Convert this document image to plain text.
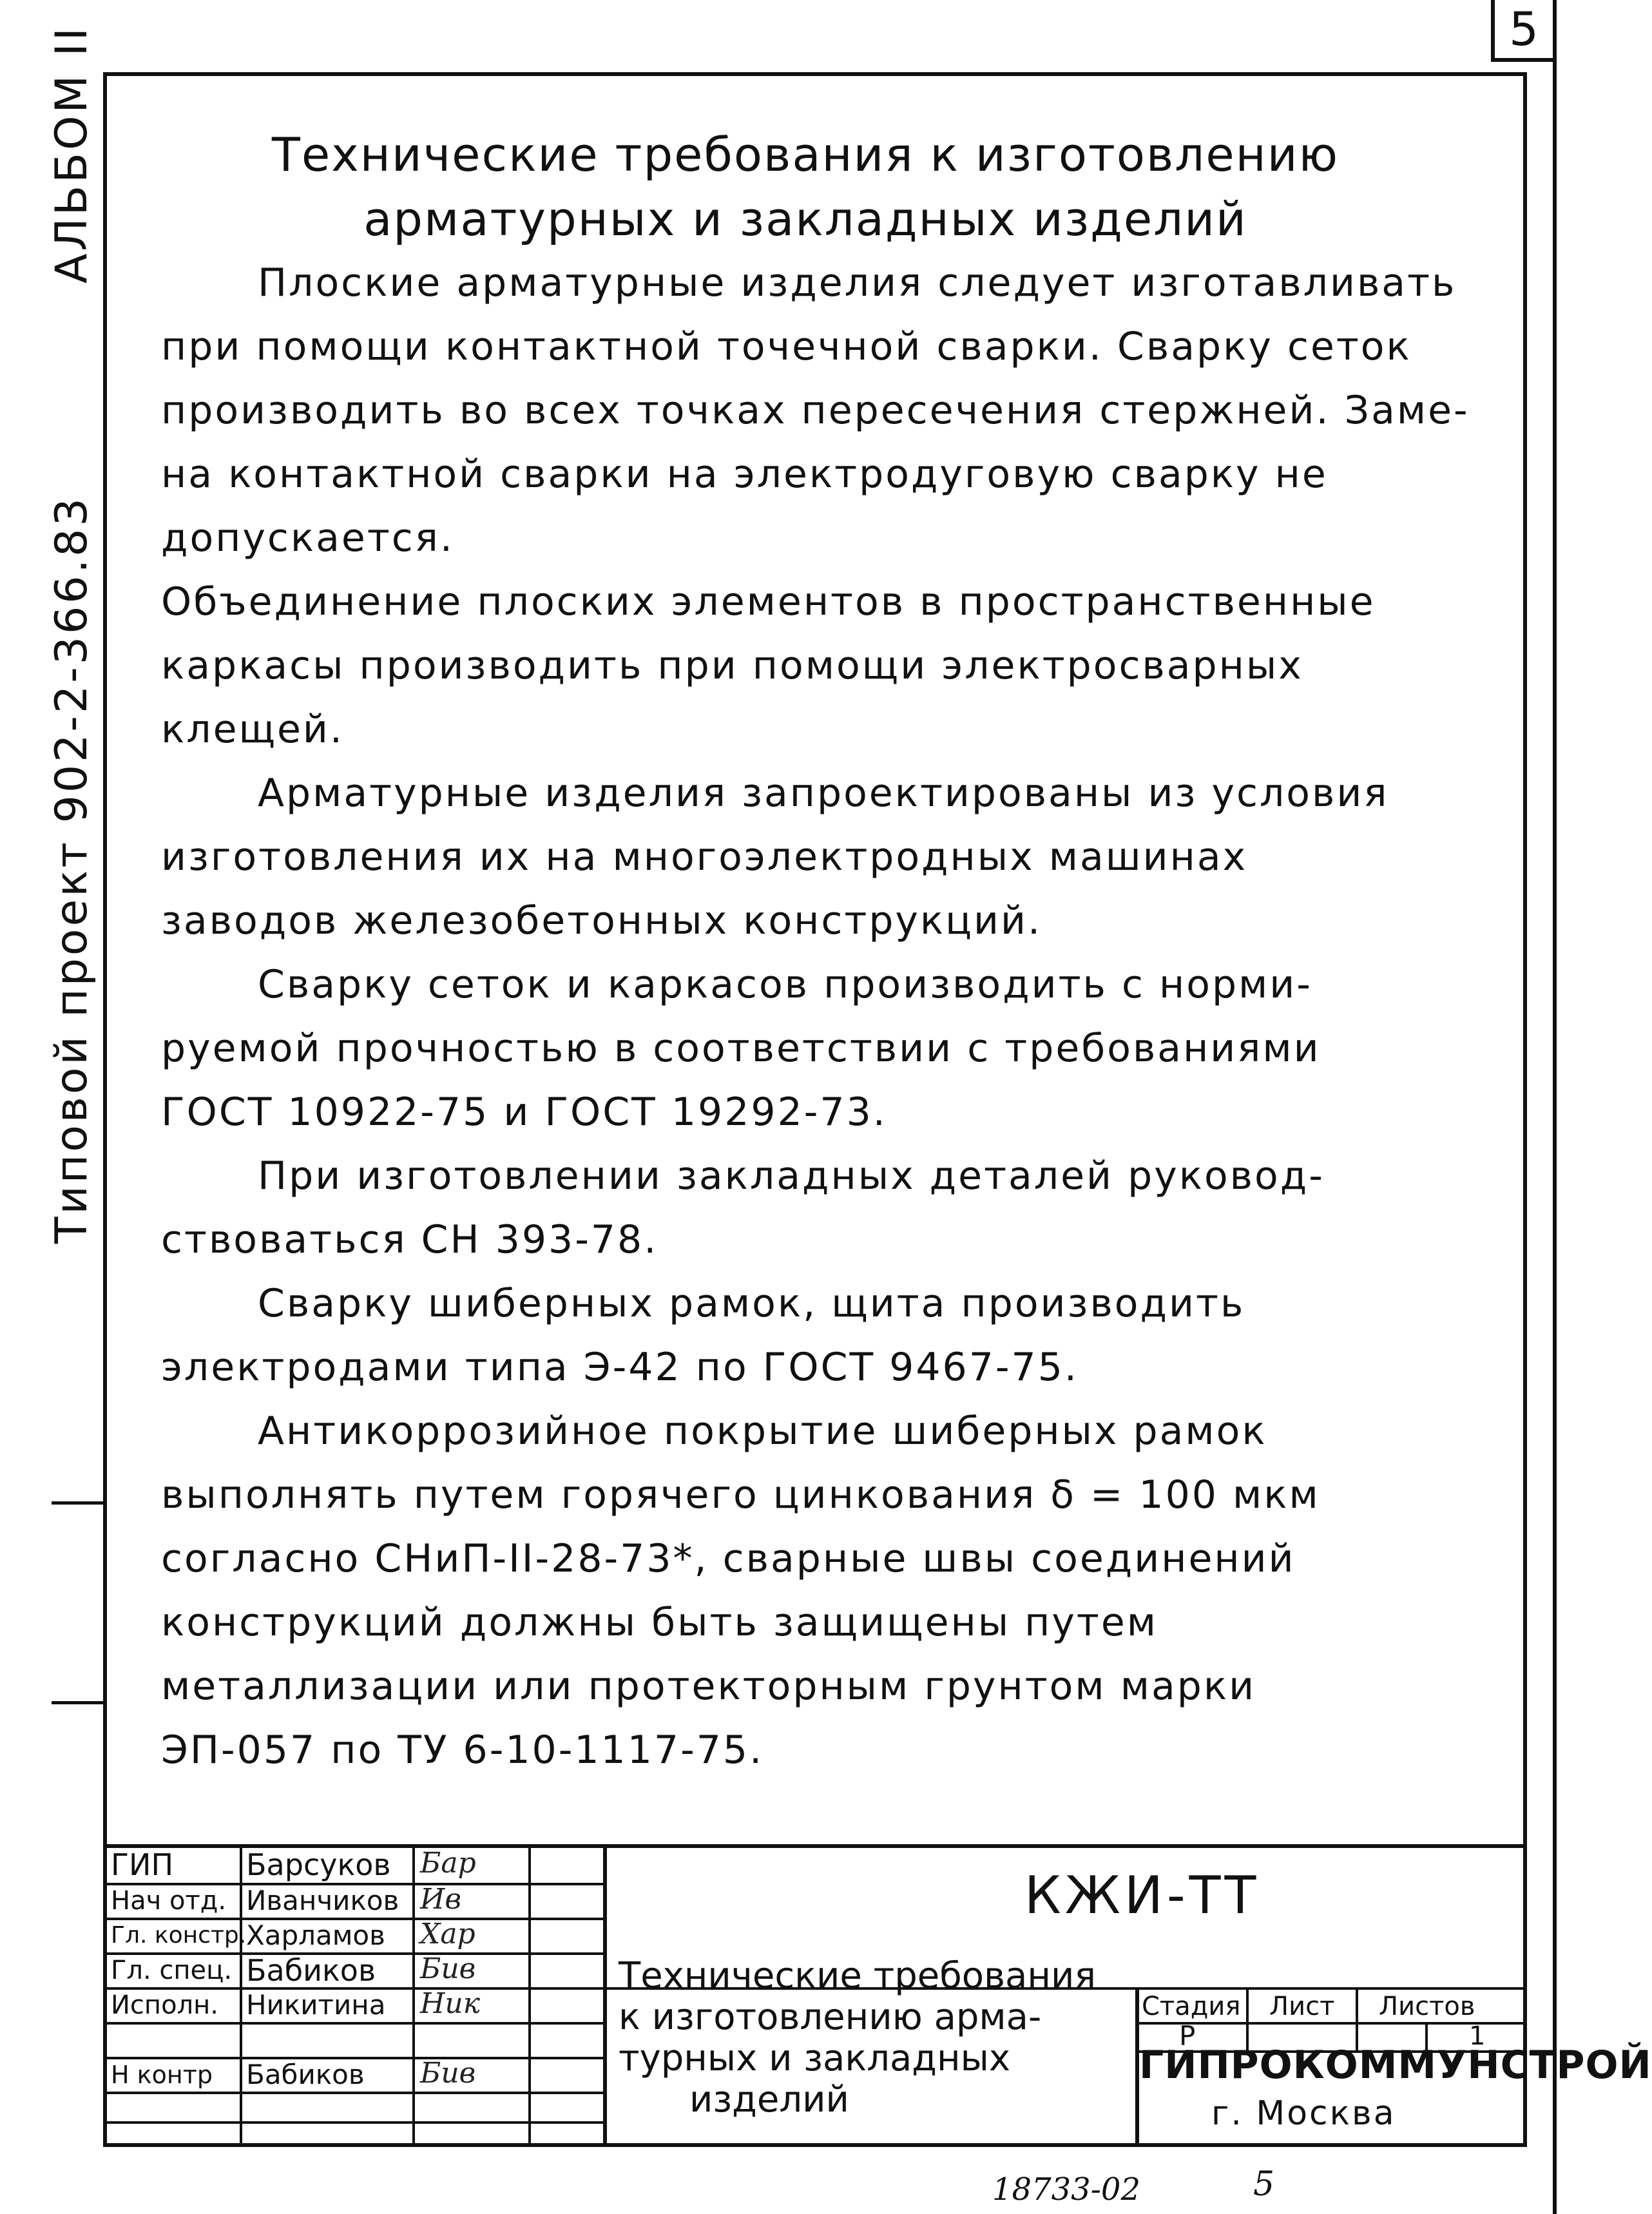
5
АЛЬБОМ II
Типовой проект 902-2-366.83
Технические требования к изготовлению
арматурных и закладных изделий

Плоские арматурные изделия следует изготавливать

при помощи контактной точечной сварки. Сварку сеток

производить во всех точках пересечения стержней. Заме-

на контактной сварки на электродуговую сварку не

допускается.

Объединение плоских элементов в пространственные

каркасы производить при помощи электросварных

клещей.

Арматурные изделия запроектированы из условия

изготовления их на многоэлектродных машинах

заводов железобетонных конструкций.

Сварку сеток и каркасов производить с норми-

руемой прочностью в соответствии с требованиями

ГОСТ 10922-75 и ГОСТ 19292-73.

При изготовлении закладных деталей руковод-

ствоваться СН 393-78.

Сварку шиберных рамок, щита производить

электродами типа Э-42 по ГОСТ 9467-75.

Антикоррозийное покрытие шиберных рамок

выполнять путем горячего цинкования δ = 100 мкм

согласно СНиП-II-28-73*, сварные швы соединений

конструкций должны быть защищены путем

металлизации или протекторным грунтом марки

ЭП-057 по ТУ 6-10-1117-75.

ГИП
Нач отд.
Гл. констр.
Гл. спец.
Исполн.
Н контр
Барсуков
Иванчиков
Харламов
Бабиков
Никитина
Бабиков
Бар
Ив
Хар
Бив
Ник
Бив
КЖИ-ТТ
Технические требования
к изготовлению арма-
турных и закладных
изделий
Стадия Лист Листов
Р	1
ГИПРОКОММУНСТРОЙ
г. Москва
18733-02	5
